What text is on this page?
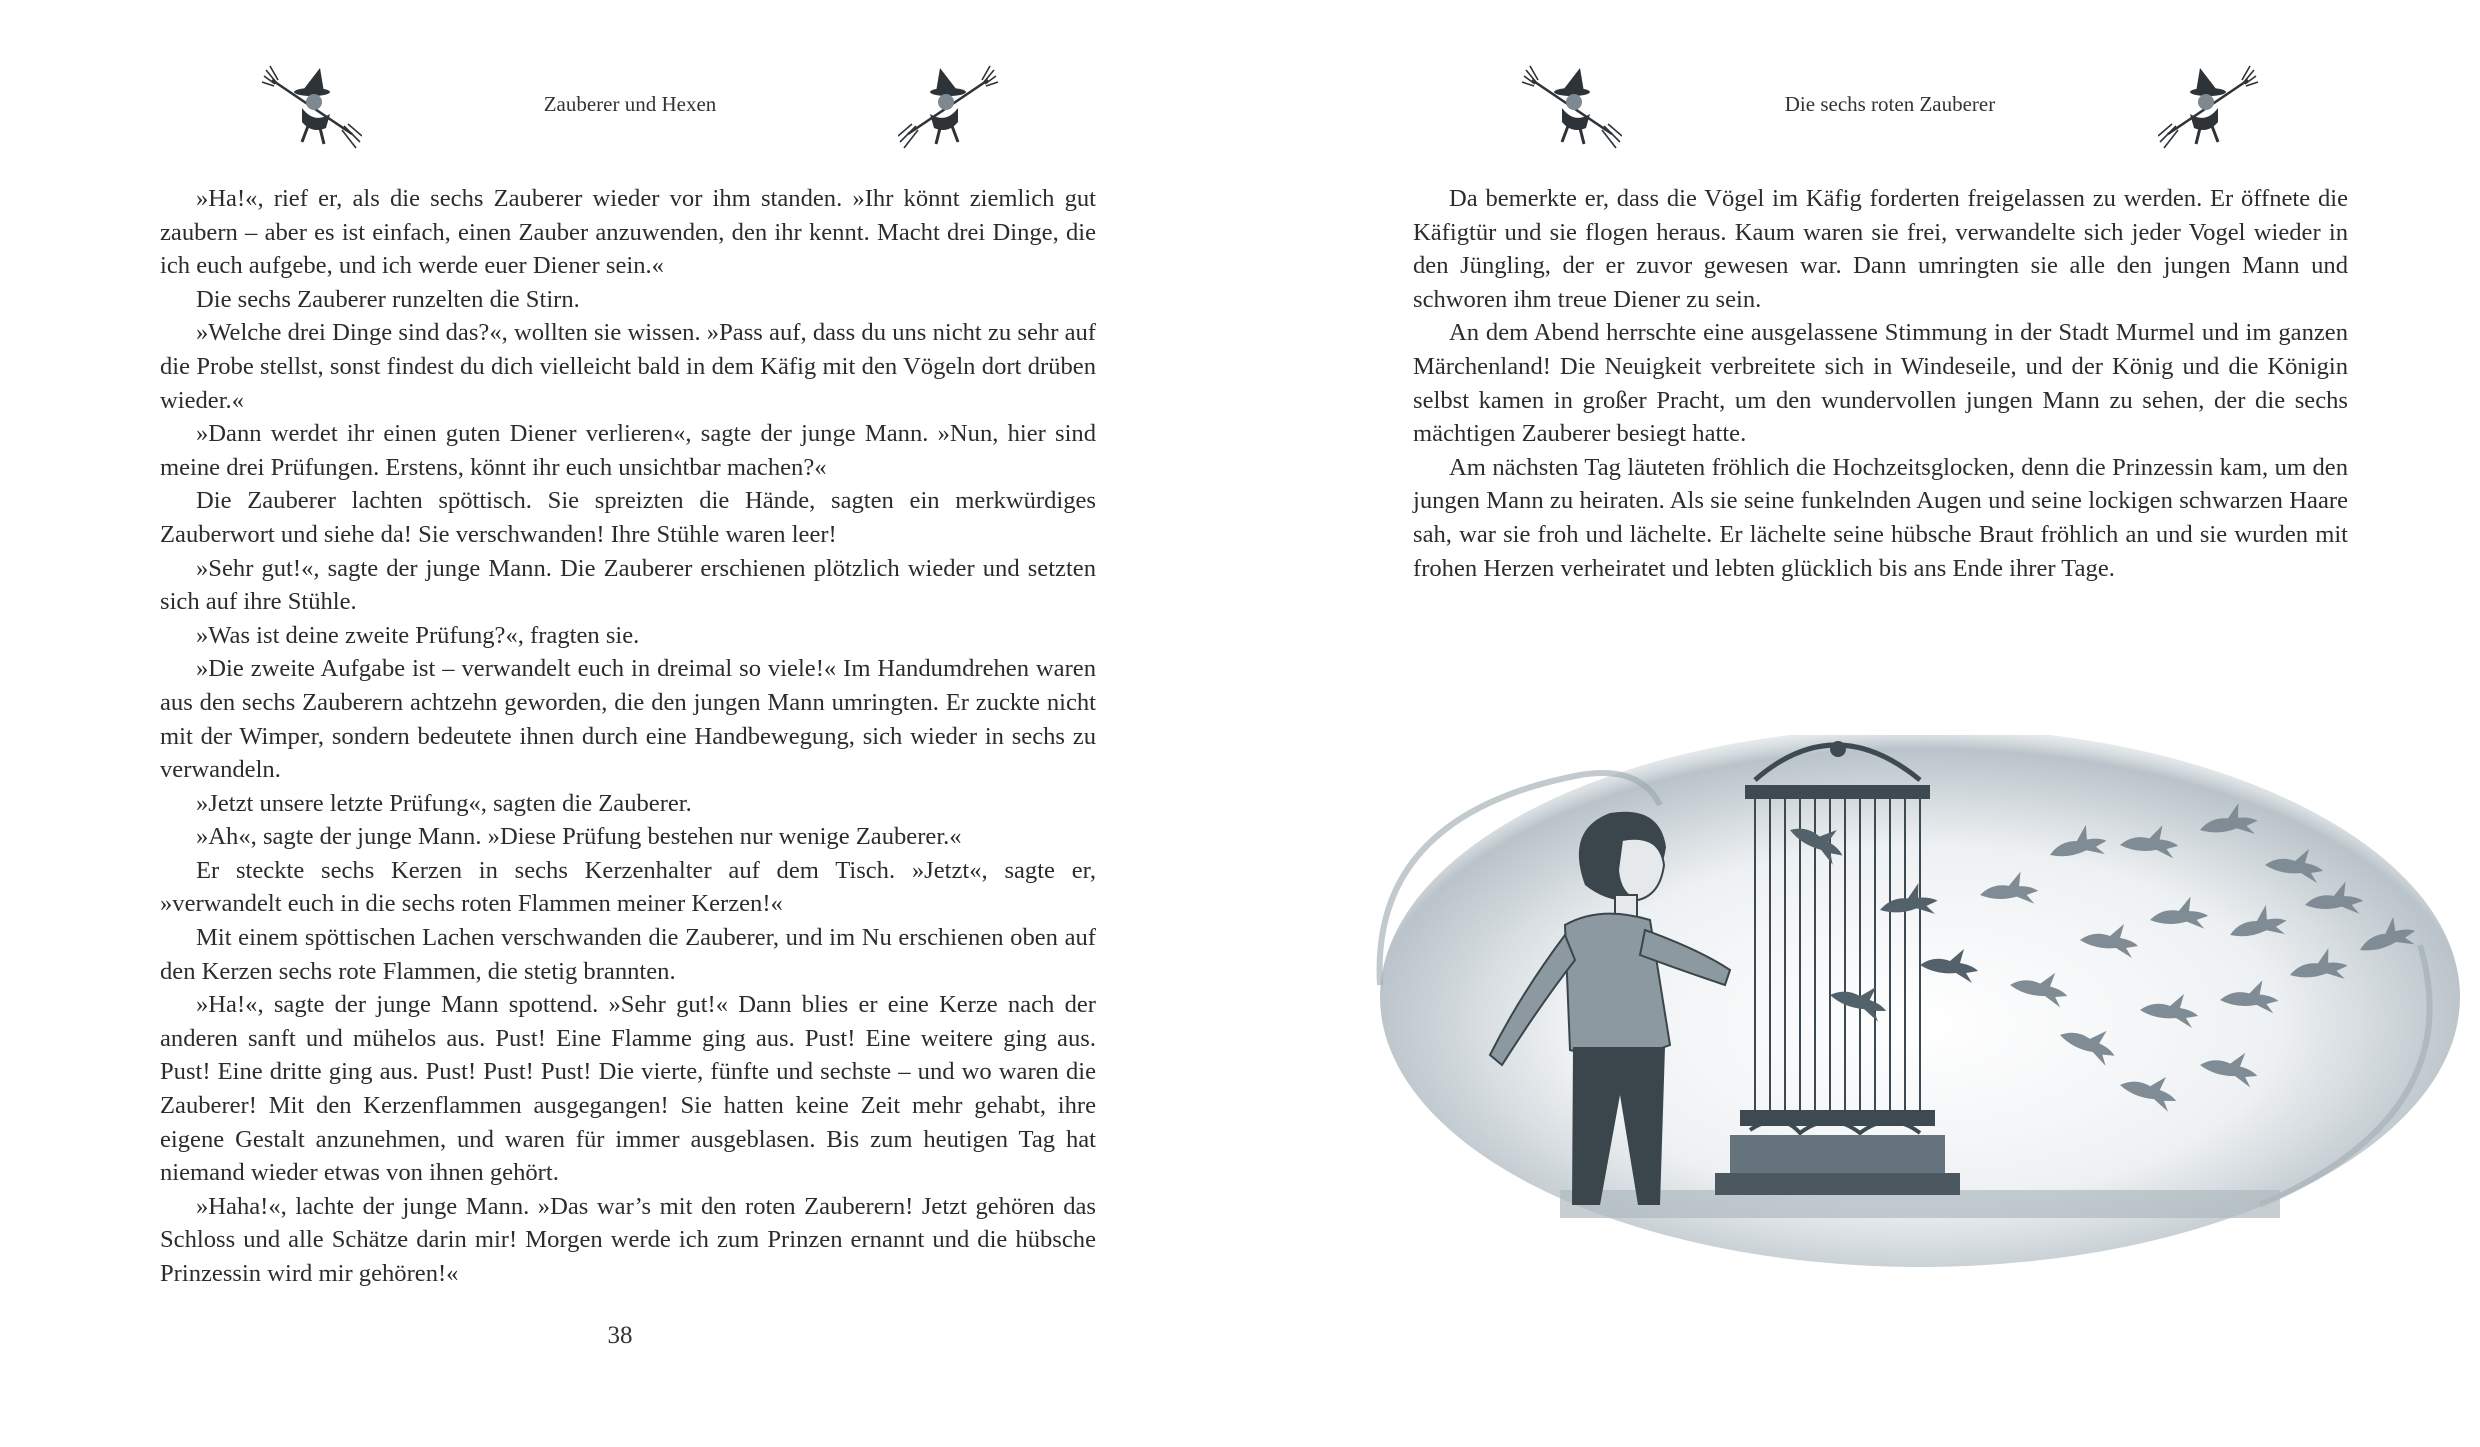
Zauberer und Hexen

»Ha!«, rief er, als die sechs Zauberer wieder vor ihm standen. »Ihr könnt ziemlich gut zaubern – aber es ist einfach, einen Zauber anzuwenden, den ihr kennt. Macht drei Dinge, die ich euch aufgebe, und ich werde euer Diener sein.«

Die sechs Zauberer runzelten die Stirn.

»Welche drei Dinge sind das?«, wollten sie wissen. »Pass auf, dass du uns nicht zu sehr auf die Probe stellst, sonst findest du dich vielleicht bald in dem Käfig mit den Vögeln dort drüben wieder.«

»Dann werdet ihr einen guten Diener verlieren«, sagte der junge Mann. »Nun, hier sind meine drei Prüfungen. Erstens, könnt ihr euch unsichtbar machen?«

Die Zauberer lachten spöttisch. Sie spreizten die Hände, sagten ein merkwürdiges Zauberwort und siehe da! Sie verschwanden! Ihre Stühle waren leer!

»Sehr gut!«, sagte der junge Mann. Die Zauberer erschienen plötzlich wieder und setzten sich auf ihre Stühle.

»Was ist deine zweite Prüfung?«, fragten sie.

»Die zweite Aufgabe ist – verwandelt euch in dreimal so viele!« Im Handumdrehen waren aus den sechs Zauberern achtzehn geworden, die den jungen Mann umringten. Er zuckte nicht mit der Wimper, sondern bedeutete ihnen durch eine Handbewegung, sich wieder in sechs zu verwandeln.

»Jetzt unsere letzte Prüfung«, sagten die Zauberer.

»Ah«, sagte der junge Mann. »Diese Prüfung bestehen nur wenige Zauberer.«

Er steckte sechs Kerzen in sechs Kerzenhalter auf dem Tisch. »Jetzt«, sagte er, »verwandelt euch in die sechs roten Flammen meiner Kerzen!«

Mit einem spöttischen Lachen verschwanden die Zauberer, und im Nu erschienen oben auf den Kerzen sechs rote Flammen, die stetig brannten.

»Ha!«, sagte der junge Mann spottend. »Sehr gut!« Dann blies er eine Kerze nach der anderen sanft und mühelos aus. Pust! Eine Flamme ging aus. Pust! Eine weitere ging aus. Pust! Eine dritte ging aus. Pust! Pust! Pust! Die vierte, fünfte und sechste – und wo waren die Zauberer! Mit den Kerzenflammen ausgegangen! Sie hatten keine Zeit mehr gehabt, ihre eigene Gestalt anzunehmen, und waren für immer ausgeblasen. Bis zum heutigen Tag hat niemand wieder etwas von ihnen gehört.

»Haha!«, lachte der junge Mann. »Das war’s mit den roten Zauberern! Jetzt gehören das Schloss und alle Schätze darin mir! Morgen werde ich zum Prinzen ernannt und die hübsche Prinzessin wird mir gehören!«

38
Die sechs roten Zauberer

Da bemerkte er, dass die Vögel im Käfig forderten freigelassen zu werden. Er öffnete die Käfigtür und sie flogen heraus. Kaum waren sie frei, verwandelte sich jeder Vogel wieder in den Jüngling, der er zuvor gewesen war. Dann umringten sie alle den jungen Mann und schworen ihm treue Diener zu sein.

An dem Abend herrschte eine ausgelassene Stimmung in der Stadt Murmel und im ganzen Märchenland! Die Neuigkeit verbreitete sich in Windeseile, und der König und die Königin selbst kamen in großer Pracht, um den wundervollen jungen Mann zu sehen, der die sechs mächtigen Zauberer besiegt hatte.

Am nächsten Tag läuteten fröhlich die Hochzeitsglocken, denn die Prinzessin kam, um den jungen Mann zu heiraten. Als sie seine funkelnden Augen und seine lockigen schwarzen Haare sah, war sie froh und lächelte. Er lächelte seine hübsche Braut fröhlich an und sie wurden mit frohen Herzen verheiratet und lebten glücklich bis ans Ende ihrer Tage.
